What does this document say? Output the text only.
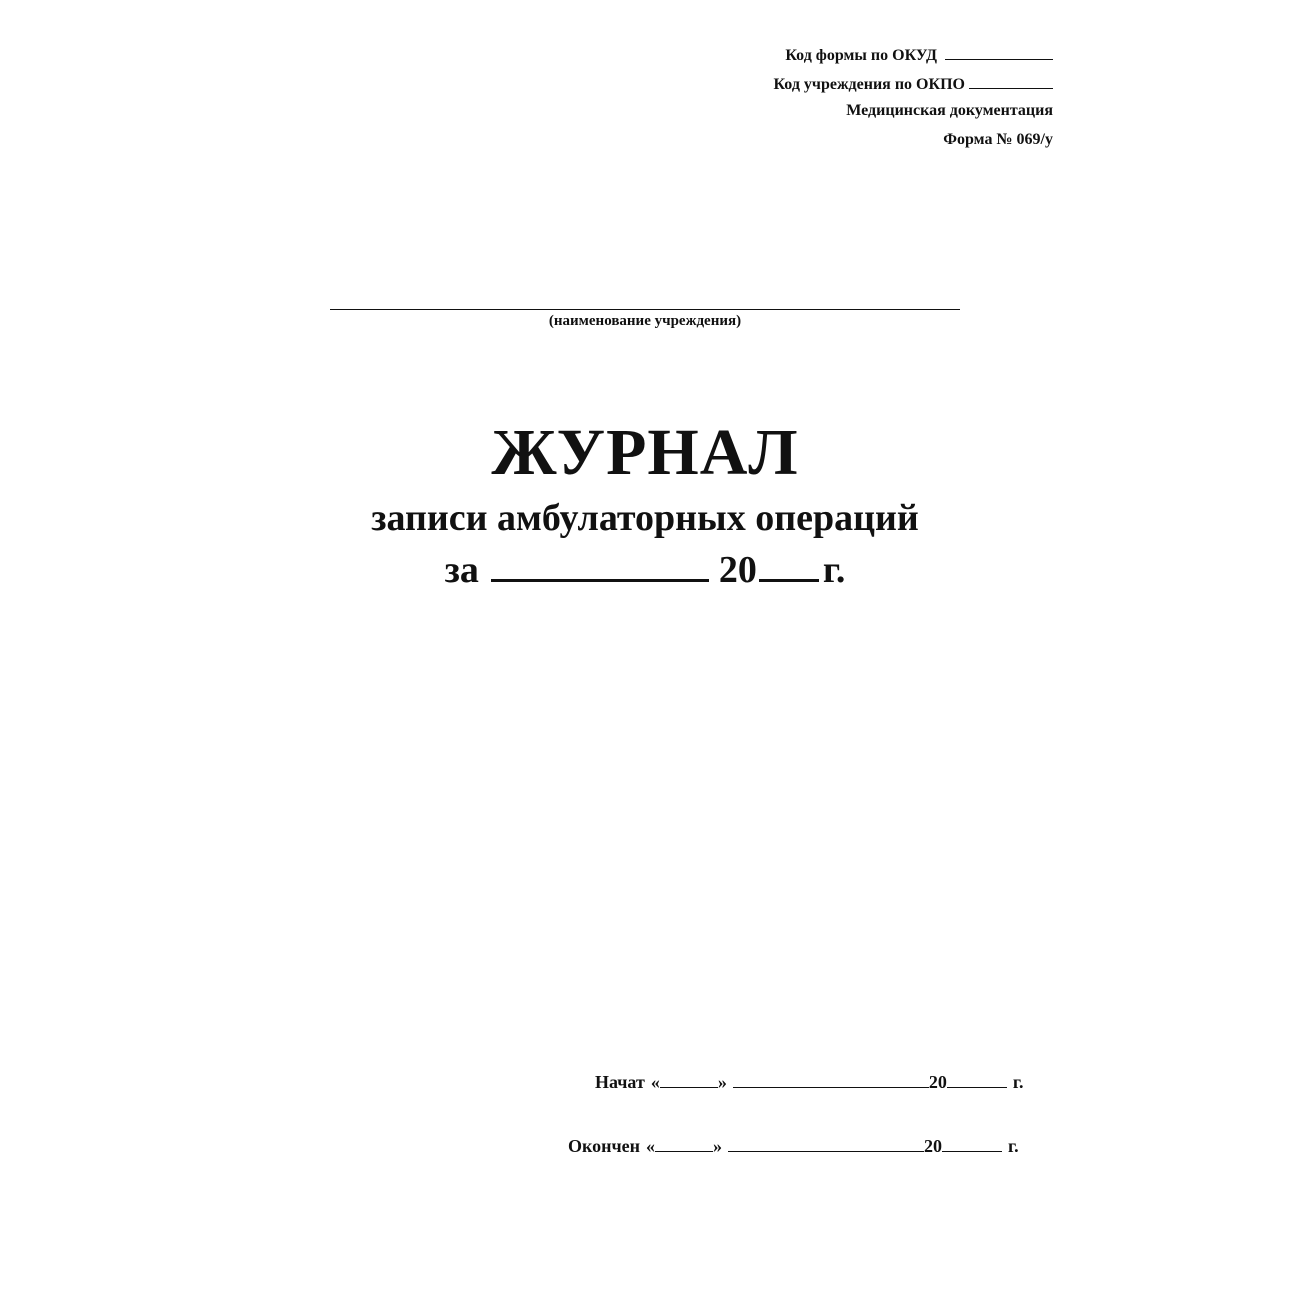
Код формы по ОКУД
Код учреждения по ОКПО
Медицинская документация
Форма № 069/у
(наименование учреждения)
ЖУРНАЛ
записи амбулаторных операций
за	20 г.
Начат «	»	20	г.
Окончен «	»	20	г.
